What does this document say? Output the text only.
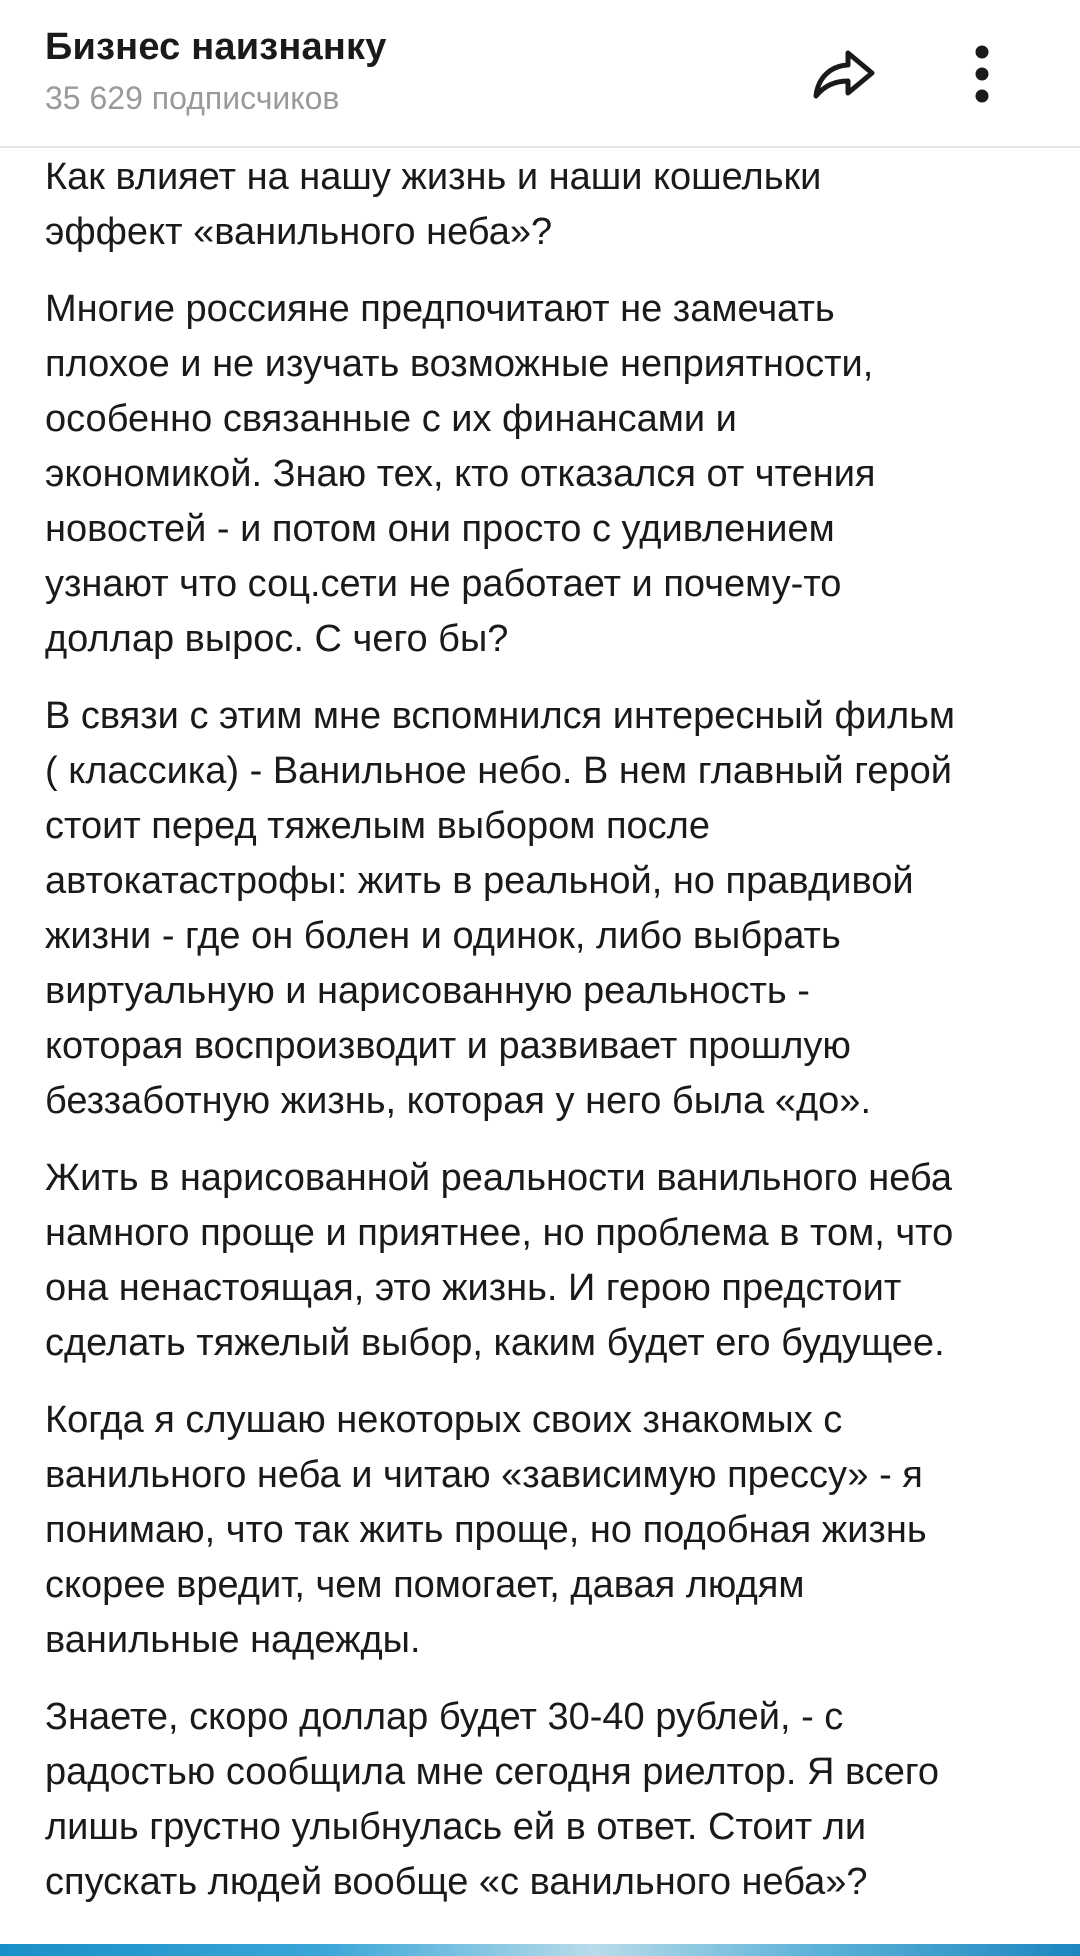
Бизнес наизнанку
35 629 подписчиков

Как влияет на нашу жизнь и наши кошельки
эффект «ванильного неба»?

Многие россияне предпочитают не замечать
плохое и не изучать возможные неприятности,
особенно связанные с их финансами и
экономикой. Знаю тех, кто отказался от чтения
новостей - и потом они просто с удивлением
узнают что соц.сети не работает и почему-то
доллар вырос. С чего бы?

В связи с этим мне вспомнился интересный фильм
( классика) - Ванильное небо. В нем главный герой
стоит перед тяжелым выбором после
автокатастрофы: жить в реальной, но правдивой
жизни - где он болен и одинок, либо выбрать
виртуальную и нарисованную реальность -
которая воспроизводит и развивает прошлую
беззаботную жизнь, которая у него была «до».

Жить в нарисованной реальности ванильного неба
намного проще и приятнее, но проблема в том, что
она ненастоящая, это жизнь. И герою предстоит
сделать тяжелый выбор, каким будет его будущее.

Когда я слушаю некоторых своих знакомых с
ванильного неба и читаю «зависимую прессу» - я
понимаю, что так жить проще, но подобная жизнь
скорее вредит, чем помогает, давая людям
ванильные надежды.

Знаете, скоро доллар будет 30-40 рублей, - с
радостью сообщила мне сегодня риелтор. Я всего
лишь грустно улыбнулась ей в ответ. Стоит ли
спускать людей вообще «с ванильного неба»?
